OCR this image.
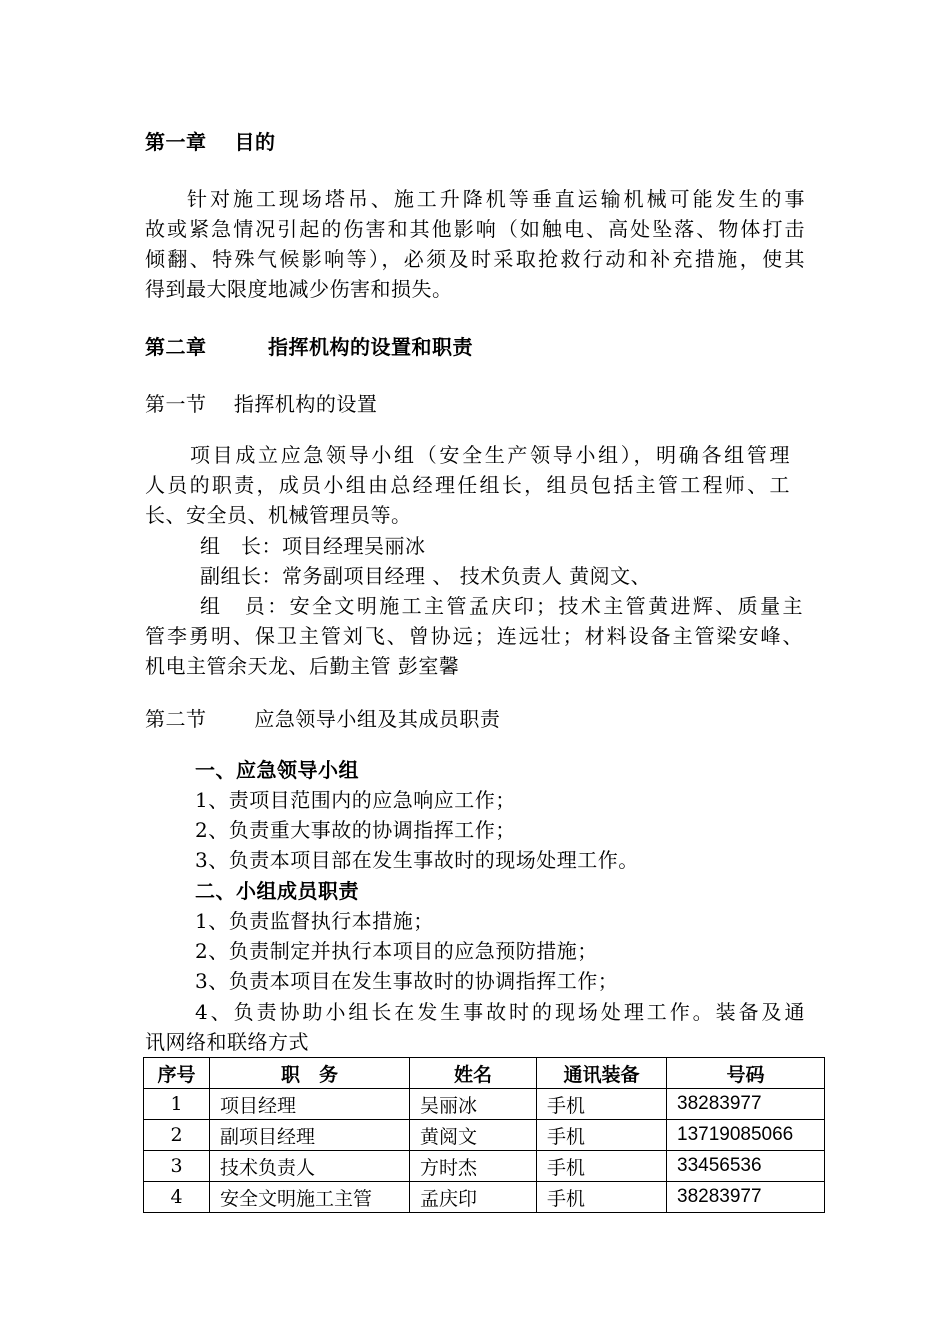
第一章　 目的
针对施工现场塔吊、施工升降机等垂直运输机械可能发生的事
故或紧急情况引起的伤害和其他影响（如触电、高处坠落、物体打击
倾翻、特殊气候影响等），必须及时采取抢救行动和补充措施，使其
得到最大限度地减少伤害和损失。
第二章　　　指挥机构的设置和职责
第一节　 指挥机构的设置
项目成立应急领导小组（安全生产领导小组），明确各组管理
人员的职责，成员小组由总经理任组长，组员包括主管工程师、工
长、安全员、机械管理员等。
组　长：项目经理吴丽冰
副组长：常务副项目经理 、 技术负责人 黄阅文、
组　员：安全文明施工主管孟庆印；技术主管黄进辉、质量主
管李勇明、保卫主管刘飞、曾协远；连远壮；材料设备主管梁安峰、
机电主管余天龙、后勤主管 彭室馨
第二节　　 应急领导小组及其成员职责
一、应急领导小组
1、责项目范围内的应急响应工作；
2、负责重大事故的协调指挥工作；
3、负责本项目部在发生事故时的现场处理工作。
二、小组成员职责
1、负责监督执行本措施；
2、负责制定并执行本项目的应急预防措施；
3、负责本项目在发生事故时的协调指挥工作；
4、负责协助小组长在发生事故时的现场处理工作。装备及通
讯网络和联络方式
序号	职　务	姓名	通讯装备	号码
1	项目经理	吴丽冰	手机	38283977
2	副项目经理	黄阅文	手机	13719085066
3	技术负责人	方时杰	手机	33456536
4	安全文明施工主管	孟庆印	手机	38283977
